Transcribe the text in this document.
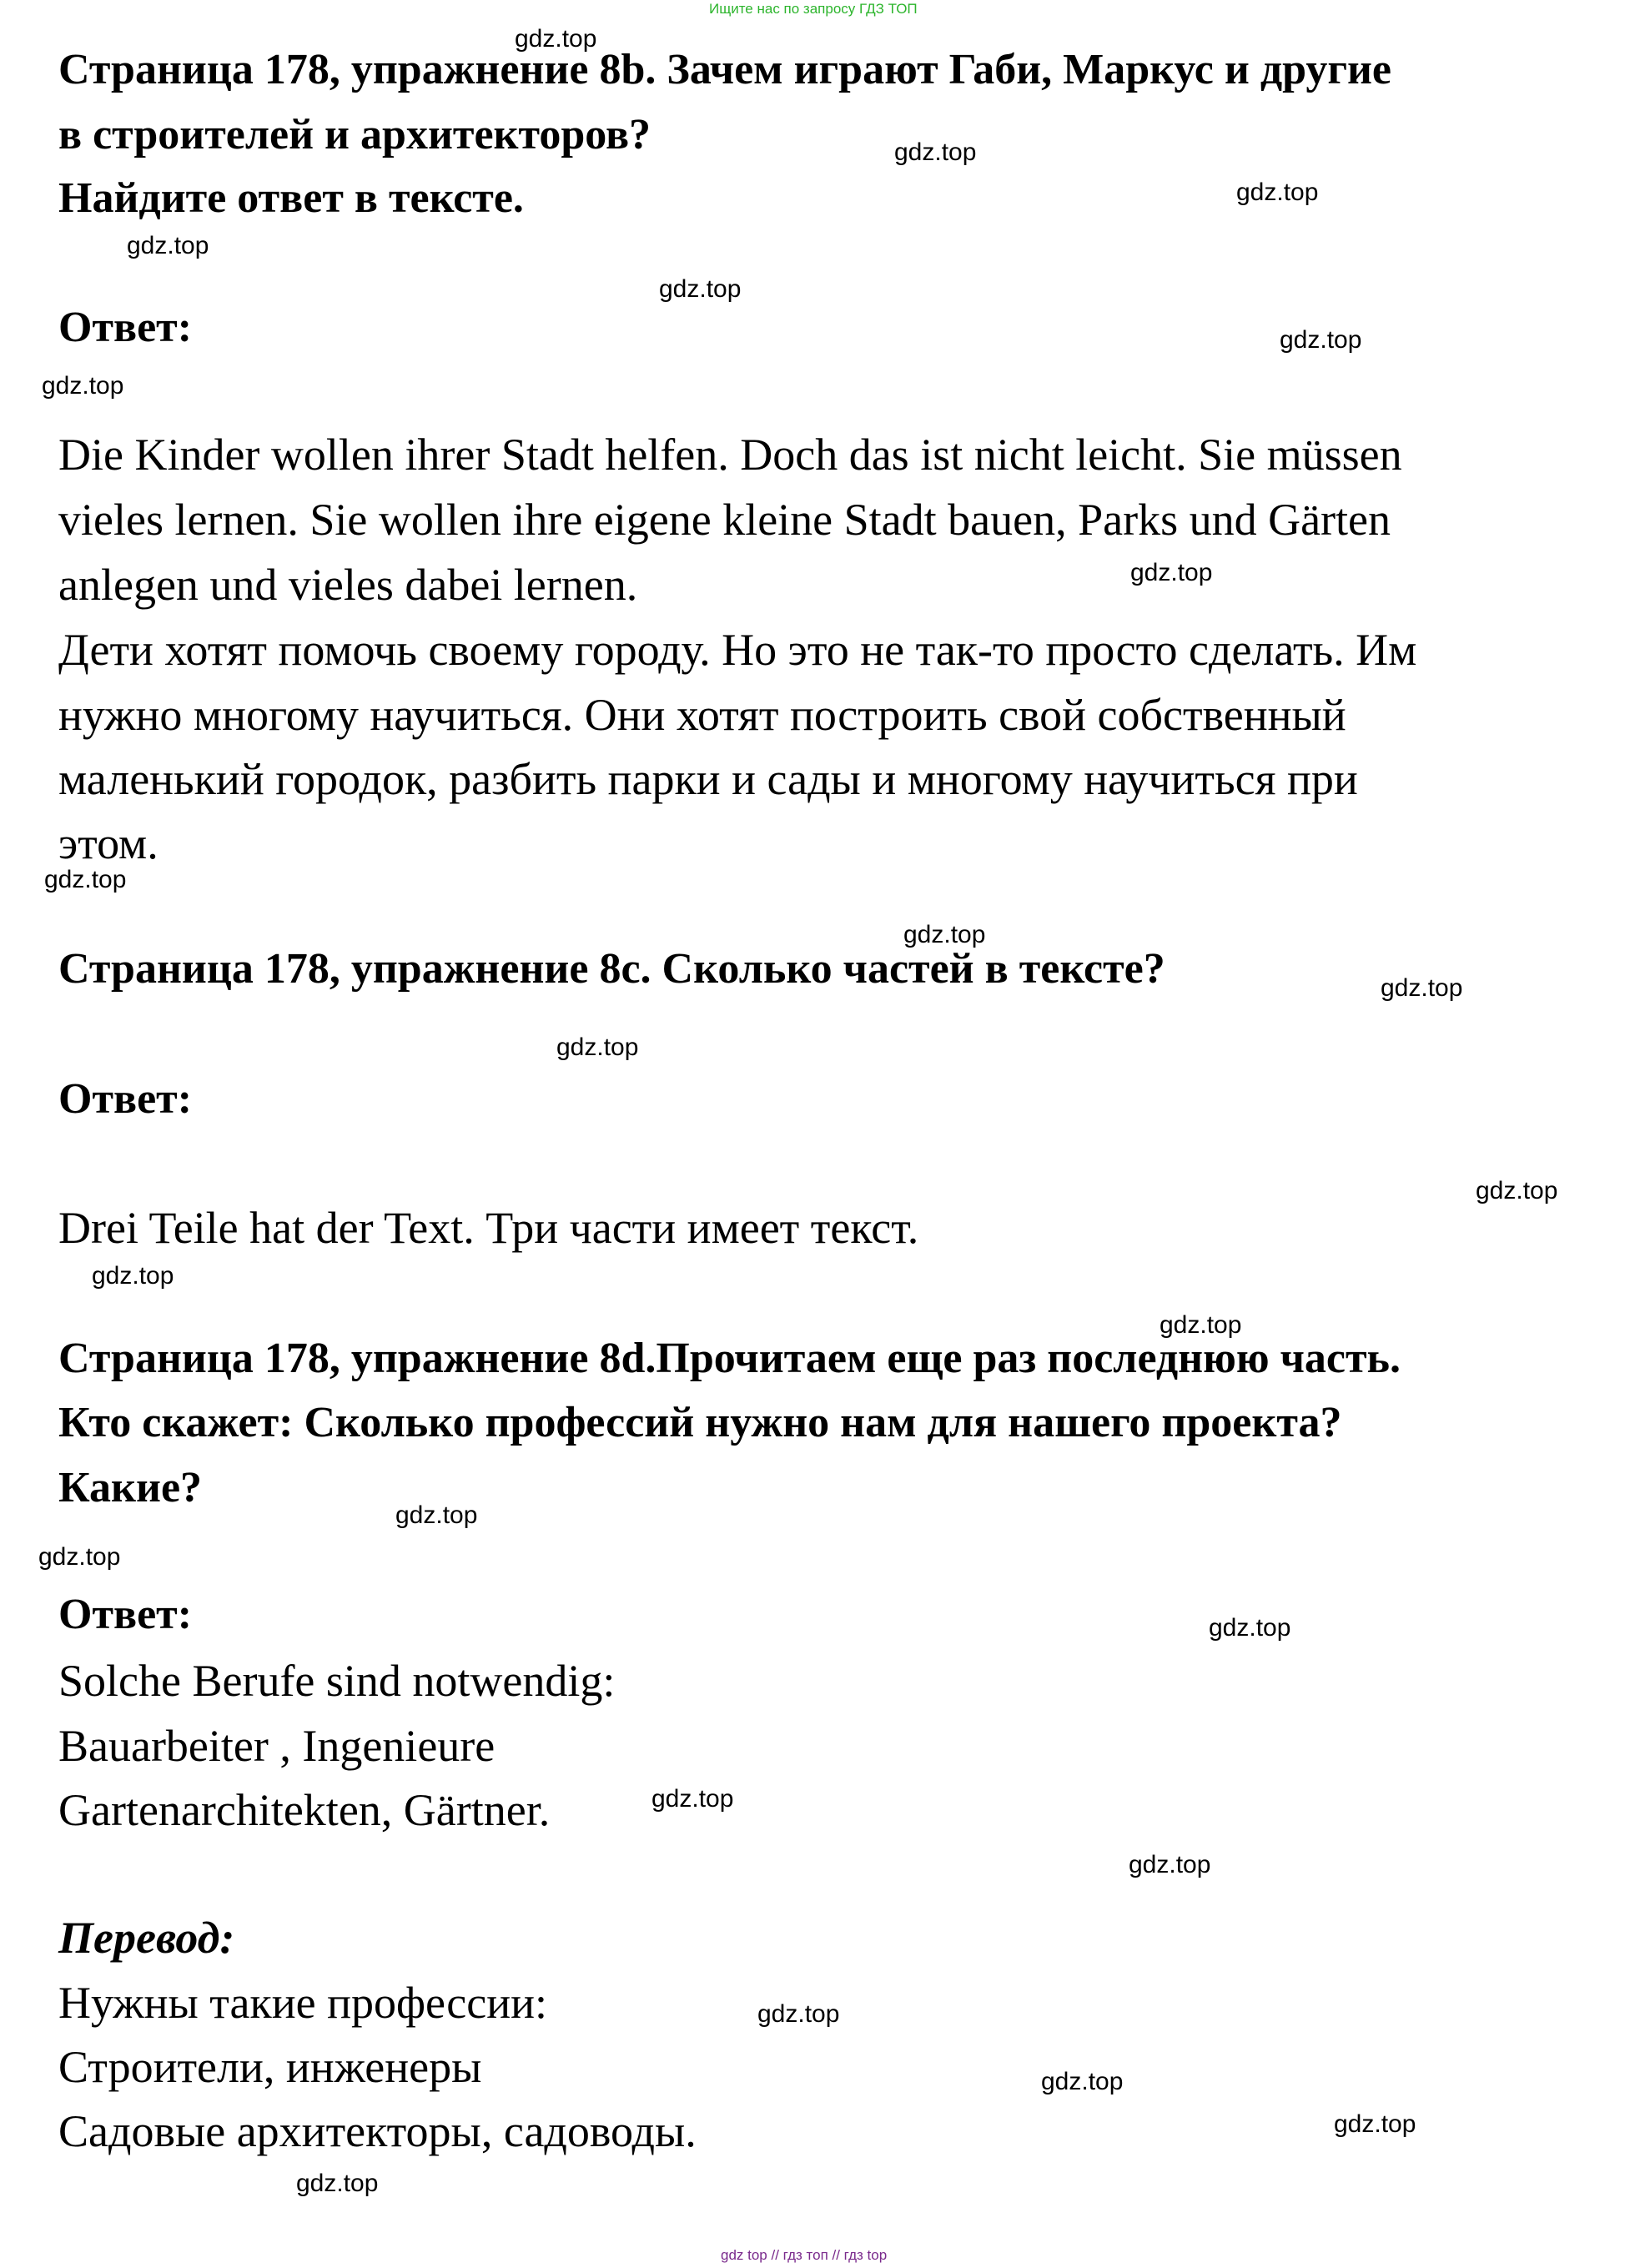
Ищите нас по запросу ГДЗ ТОП
Страница 178, упражнение 8b. Зачем играют Габи, Маркус и другие
в строителей и архитекторов?
Найдите ответ в тексте.
Ответ:
Die Kinder wollen ihrer Stadt helfen. Doch das ist nicht leicht. Sie müssen
vieles lernen. Sie wollen ihre eigene kleine Stadt bauen, Parks und Gärten
anlegen und vieles dabei lernen.
Дети хотят помочь своему городу. Но это не так-то просто сделать. Им
нужно многому научиться. Они хотят построить свой собственный
маленький городок, разбить парки и сады и многому научиться при
этом.
Страница 178, упражнение 8с. Сколько частей в тексте?
Ответ:
Drei Teile hat der Text. Три части имеет текст.
Страница 178, упражнение 8d.Прочитаем еще раз последнюю часть.
Кто скажет: Сколько профессий нужно нам для нашего проекта?
Какие?
Ответ:
Solche Berufe sind notwendig:
Bauarbeiter , Ingenieure
Gartenarchitekten, Gärtner.
Перевод:
Нужны такие профессии:
Строители, инженеры
Садовые архитекторы, садоводы.
gdz.top
gdz.top
gdz.top
gdz.top
gdz.top
gdz.top
gdz.top
gdz.top
gdz.top
gdz.top
gdz.top
gdz.top
gdz.top
gdz.top
gdz.top
gdz.top
gdz.top
gdz.top
gdz.top
gdz.top
gdz.top
gdz.top
gdz.top
gdz.top
gdz top // гдз топ // гдз top
